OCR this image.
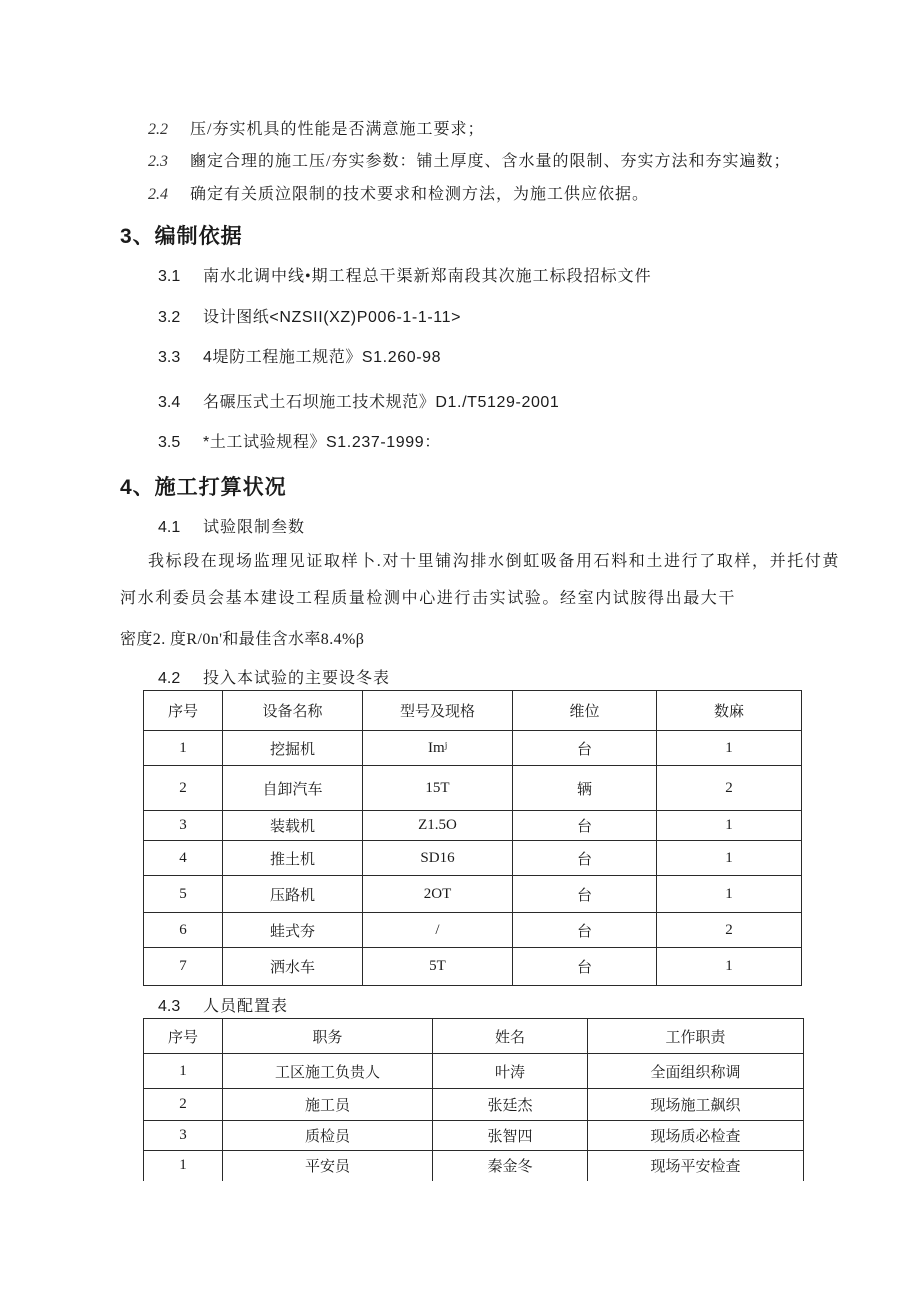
2.2 压/夯实机具的性能是否满意施工要求；
2.3 豳定合理的施工压/夯实参数：铺土厚度、含水量的限制、夯实方法和夯实遍数；
2.4 确定有关质泣限制的技术要求和检测方法，为施工供应依据。
3、编制依据
3.1 南水北调中线•期工程总干渠新郑南段其次施工标段招标文件
3.2 设计图纸<NZSII(XZ)P006-1-1-11>
3.3 4堤防工程施工规范》S1.260-98
3.4 名碾压式土石坝施工技术规范》D1./T5129-2001
3.5 *土工试验规程》S1.237-1999：
4、施工打算状况
4.1 试验限制叁数
我标段在现场监理见证取样卜.对十里铺沟排水倒虹吸备用石料和土进行了取样，并托付黄
河水利委员会基本建设工程质量检测中心进行击实试验。经室内试胺得出最大干
密度2. 度R/0n'和最佳含水率8.4%β
4.2 投入本试验的主要设冬表
序号	设备名称	型号及现格	维位	数麻
1	挖掘机	Imʲ	台	1
2	自卸汽车	15T	辆	2
3	装载机	Z1.5O	台	1
4	推土机	SD16	台	1
5	压路机	2OT	台	1
6	蛙式夯	/	台	2
7	洒水车	5T	台	1
4.3 人员配置表
序号	职务	姓名	工作职责
1	工区施工负贵人	叶涛	全面组织称调
2	施工员	张廷杰	现场施工飙织
3	质检员	张智四	现场质必检查
1	平安员	秦金冬	现场平安检查
